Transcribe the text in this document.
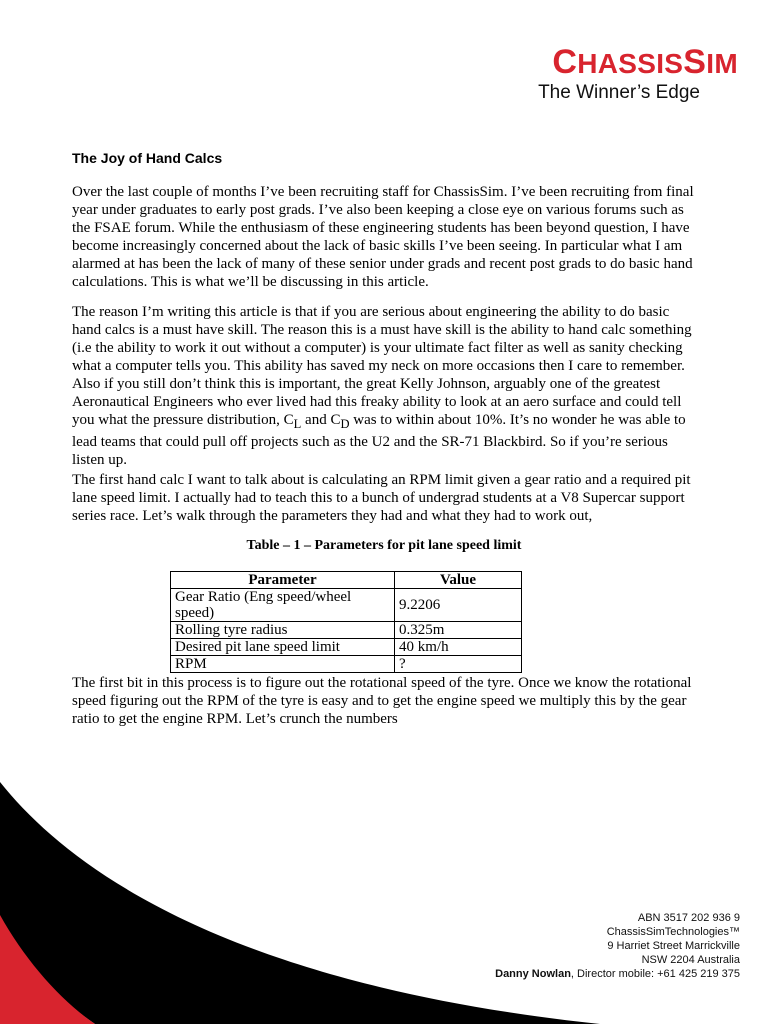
CHASSISSIM
The Winner’s Edge
The Joy of Hand Calcs
Over the last couple of months I’ve been recruiting staff for ChassisSim. I’ve been recruiting from final year under graduates to early post grads. I’ve also been keeping a close eye on various forums such as the FSAE forum. While the enthusiasm of these engineering students has been beyond question, I have become increasingly concerned about the lack of basic skills I’ve been seeing. In particular what I am alarmed at has been the lack of many of these senior under grads and recent post grads to do basic hand calculations. This is what we’ll be discussing in this article.
The reason I’m writing this article is that if you are serious about engineering the ability to do basic hand calcs is a must have skill. The reason this is a must have skill is the ability to hand calc something (i.e the ability to work it out without a computer) is your ultimate fact filter as well as sanity checking what a computer tells you. This ability has saved my neck on more occasions then I care to remember. Also if you still don’t think this is important, the great Kelly Johnson, arguably one of the greatest Aeronautical Engineers who ever lived had this freaky ability to look at an aero surface and could tell you what the pressure distribution, $C_L$ and $C_D$ was to within about 10%. It’s no wonder he was able to lead teams that could pull off projects such as the U2 and the SR-71 Blackbird. So if you’re serious listen up.
The first hand calc I want to talk about is calculating an RPM limit given a gear ratio and a required pit lane speed limit. I actually had to teach this to a bunch of undergrad students at a V8 Supercar support series race. Let’s walk through the parameters they had and what they had to work out,
Table – 1 – Parameters for pit lane speed limit
Parameter	Value
Gear Ratio (Eng speed/wheel speed)	9.2206
Rolling tyre radius	0.325m
Desired pit lane speed limit	40 km/h
RPM	?
The first bit in this process is to figure out the rotational speed of the tyre. Once we know the rotational speed figuring out the RPM of the tyre is easy and to get the engine speed we multiply this by the gear ratio to get the engine RPM. Let’s crunch the numbers
ABN 3517 202 936 9
ChassisSimTechnologies™
9 Harriet Street Marrickville
NSW 2204 Australia
Danny Nowlan, Director mobile: +61 425 219 375
